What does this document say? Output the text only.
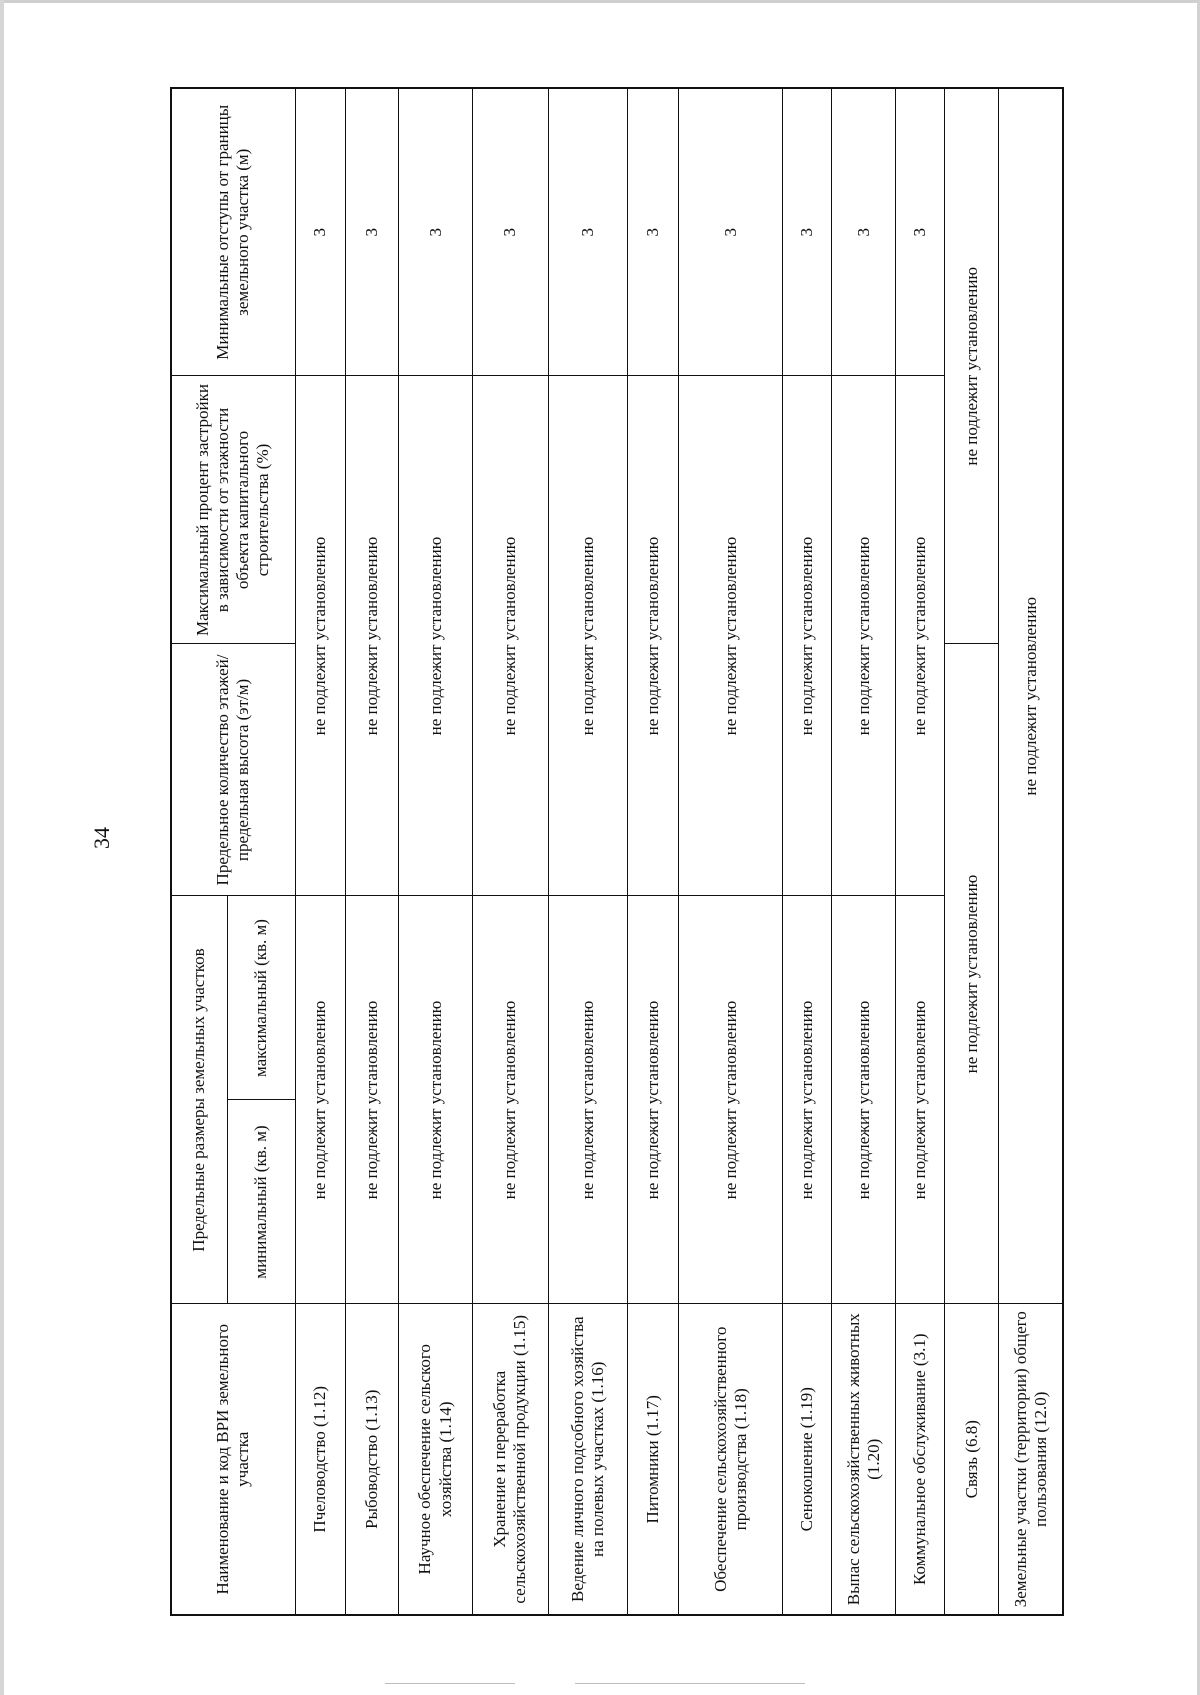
34
Наименование и код ВРИ земельного участка	Предельные размеры земельных участков		Предельное количество этажей/ предельная высота (эт/м)	Максимальный процент застройки в зависимости от этажности объекта капитального строительства (%)	Минимальные отступы от границы земельного участка (м)
	минимальный (кв. м)	максимальный (кв. м)			
Пчеловодство (1.12)	не подлежит установлению		не подлежит установлению		3
Рыбоводство (1.13)	не подлежит установлению		не подлежит установлению		3
Научное обеспечение сельского хозяйства (1.14)	не подлежит установлению		не подлежит установлению		3
Хранение и переработка сельскохозяйственной продукции (1.15)	не подлежит установлению		не подлежит установлению		3
Ведение личного подсобного хозяйства на полевых участках (1.16)	не подлежит установлению		не подлежит установлению		3
Питомники (1.17)	не подлежит установлению		не подлежит установлению		3
Обеспечение сельскохозяйственного производства (1.18)	не подлежит установлению		не подлежит установлению		3
Сенокошение (1.19)	не подлежит установлению		не подлежит установлению		3
Выпас сельскохозяйственных животных (1.20)	не подлежит установлению		не подлежит установлению		3
Коммунальное обслуживание (3.1)	не подлежит установлению		не подлежит установлению		3
Связь (6.8)	не подлежит установлению			не подлежит установлению	
Земельные участки (территории) общего пользования (12.0)	не подлежит установлению				
